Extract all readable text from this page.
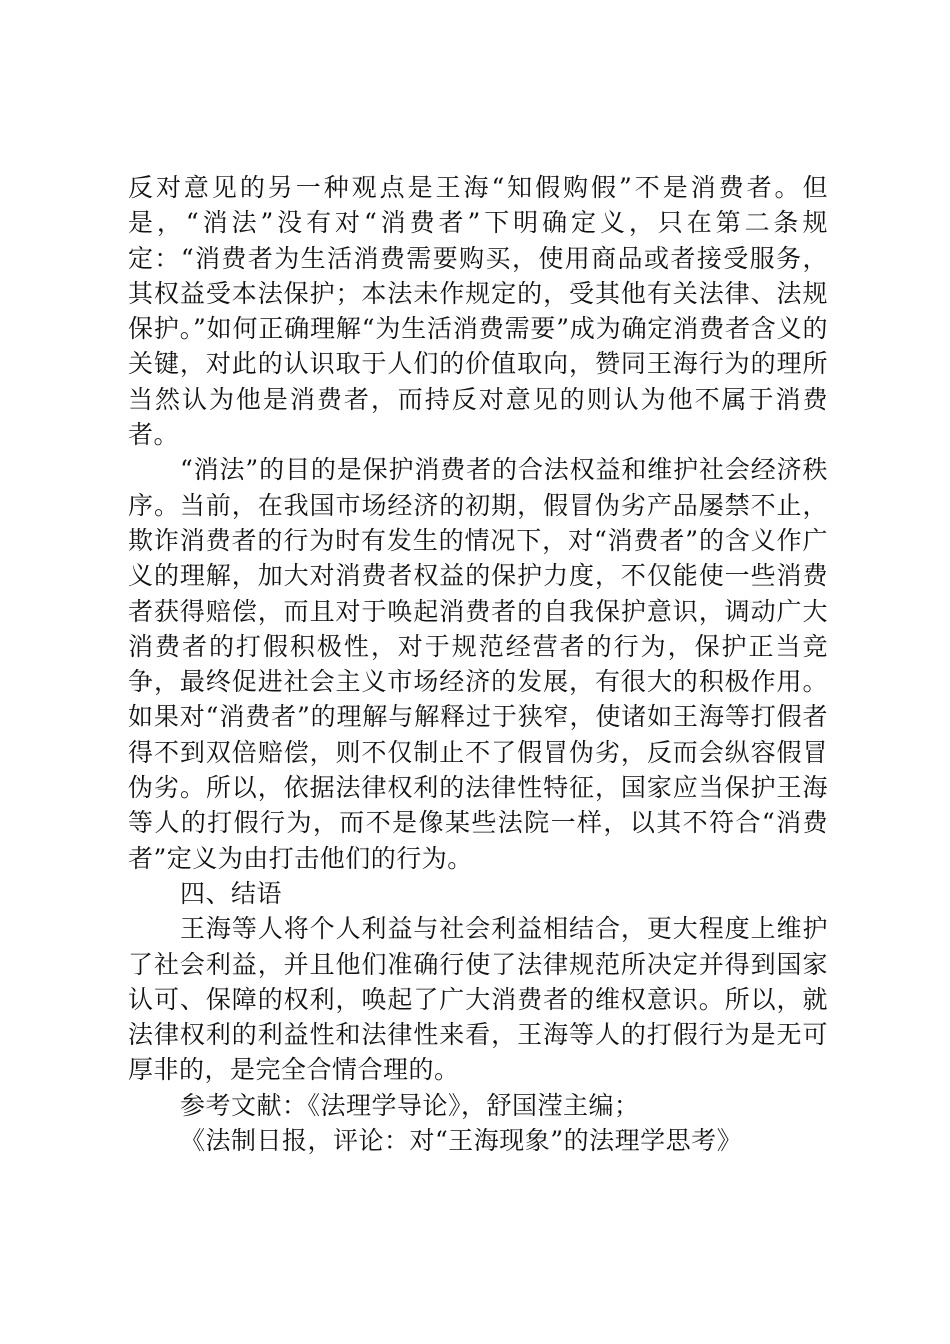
反对意见的另一种观点是王海“知假购假”不是消费者。但是，“消法”没有对“消费者”下明确定义，只在第二条规定：“消费者为生活消费需要购买，使用商品或者接受服务，其权益受本法保护；本法未作规定的，受其他有关法律、法规保护。”如何正确理解“为生活消费需要”成为确定消费者含义的关键，对此的认识取于人们的价值取向，赞同王海行为的理所当然认为他是消费者，而持反对意见的则认为他不属于消费者。

“消法”的目的是保护消费者的合法权益和维护社会经济秩序。当前，在我国市场经济的初期，假冒伪劣产品屡禁不止，欺诈消费者的行为时有发生的情况下，对“消费者”的含义作广义的理解，加大对消费者权益的保护力度，不仅能使一些消费者获得赔偿，而且对于唤起消费者的自我保护意识，调动广大消费者的打假积极性，对于规范经营者的行为，保护正当竞争，最终促进社会主义市场经济的发展，有很大的积极作用。如果对“消费者”的理解与解释过于狭窄，使诸如王海等打假者得不到双倍赔偿，则不仅制止不了假冒伪劣，反而会纵容假冒伪劣。所以，依据法律权利的法律性特征，国家应当保护王海等人的打假行为，而不是像某些法院一样，以其不符合“消费者”定义为由打击他们的行为。

四、结语

王海等人将个人利益与社会利益相结合，更大程度上维护了社会利益，并且他们准确行使了法律规范所决定并得到国家认可、保障的权利，唤起了广大消费者的维权意识。所以，就法律权利的利益性和法律性来看，王海等人的打假行为是无可厚非的，是完全合情合理的。

参考文献：《法理学导论》，舒国滢主编；

《法制日报，评论：对“王海现象”的法理学思考》
